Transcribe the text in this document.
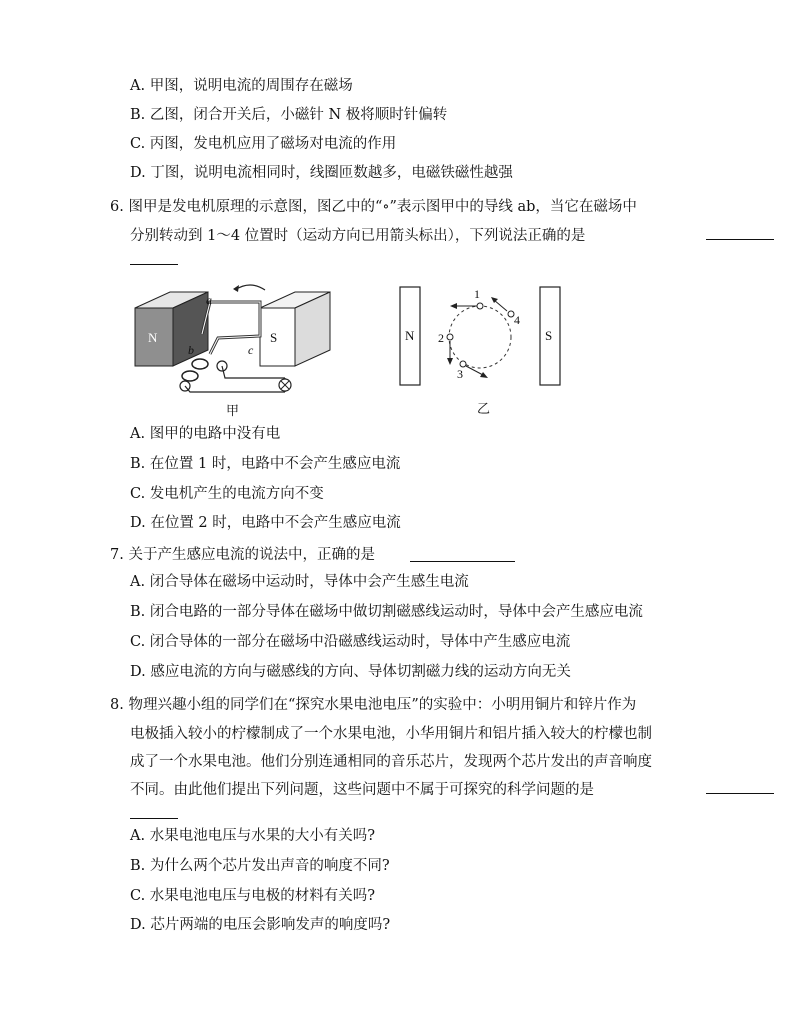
A. 甲图，说明电流的周围存在磁场
B. 乙图，闭合开关后，小磁针 N 极将顺时针偏转
C. 丙图，发电机应用了磁场对电流的作用
D. 丁图，说明电流相同时，线圈匝数越多，电磁铁磁性越强
6. 图甲是发电机原理的示意图，图乙中的“∘”表示图甲中的导线 ab，当它在磁场中
分别转动到 1～4 位置时（运动方向已用箭头标出），下列说法正确的是
N	S
a
b	c
甲
N	S
1
2
3
4
乙
A. 图甲的电路中没有电
B. 在位置 1 时，电路中不会产生感应电流
C. 发电机产生的电流方向不变
D. 在位置 2 时，电路中不会产生感应电流
7. 关于产生感应电流的说法中，正确的是
A. 闭合导体在磁场中运动时，导体中会产生感生电流
B. 闭合电路的一部分导体在磁场中做切割磁感线运动时，导体中会产生感应电流
C. 闭合导体的一部分在磁场中沿磁感线运动时，导体中产生感应电流
D. 感应电流的方向与磁感线的方向、导体切割磁力线的运动方向无关
8. 物理兴趣小组的同学们在“探究水果电池电压”的实验中：小明用铜片和锌片作为
电极插入较小的柠檬制成了一个水果电池，小华用铜片和铝片插入较大的柠檬也制
成了一个水果电池。他们分别连通相同的音乐芯片，发现两个芯片发出的声音响度
不同。由此他们提出下列问题，这些问题中不属于可探究的科学问题的是
A. 水果电池电压与水果的大小有关吗?
B. 为什么两个芯片发出声音的响度不同?
C. 水果电池电压与电极的材料有关吗?
D. 芯片两端的电压会影响发声的响度吗?
